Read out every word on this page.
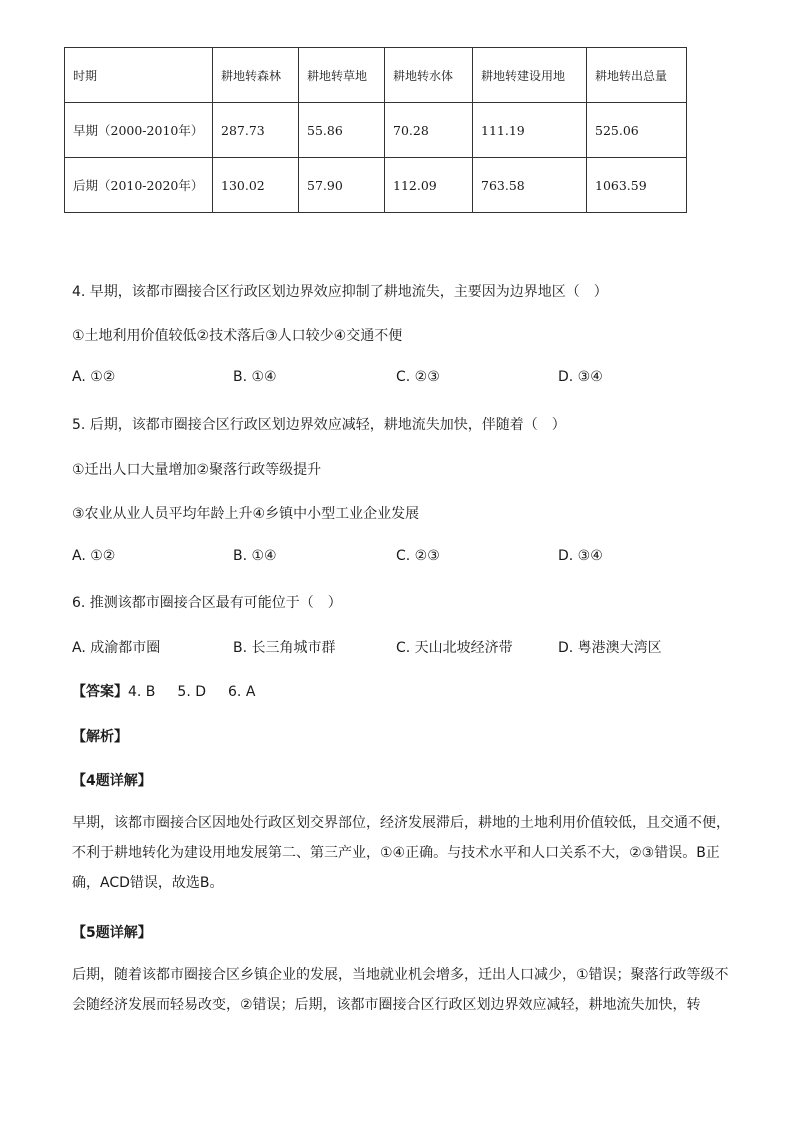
时期	耕地转森林	耕地转草地	耕地转水体	耕地转建设用地	耕地转出总量
早期（2000-2010年）	287.73	55.86	70.28	111.19	525.06
后期（2010-2020年）	130.02	57.90	112.09	763.58	1063.59
4. 早期，该都市圈接合区行政区划边界效应抑制了耕地流失，主要因为边界地区（　）
①土地利用价值较低②技术落后③人口较少④交通不便
A. ①②	B. ①④	C. ②③	D. ③④
5. 后期，该都市圈接合区行政区划边界效应减轻，耕地流失加快，伴随着（　）
①迁出人口大量增加②聚落行政等级提升
③农业从业人员平均年龄上升④乡镇中小型工业企业发展
A. ①②	B. ①④	C. ②③	D. ③④
6. 推测该都市圈接合区最有可能位于（　）
A. 成渝都市圈	B. 长三角城市群	C. 天山北坡经济带	D. 粤港澳大湾区
【答案】4. B 5. D 6. A
【解析】
【4题详解】
早期，该都市圈接合区因地处行政区划交界部位，经济发展滞后，耕地的土地利用价值较低，且交通不便，不利于耕地转化为建设用地发展第二、第三产业，①④正确。与技术水平和人口关系不大，②③错误。B正确，ACD错误，故选B。
【5题详解】
后期，随着该都市圈接合区乡镇企业的发展，当地就业机会增多，迁出人口减少，①错误；聚落行政等级不会随经济发展而轻易改变，②错误；后期，该都市圈接合区行政区划边界效应减轻，耕地流失加快，转
